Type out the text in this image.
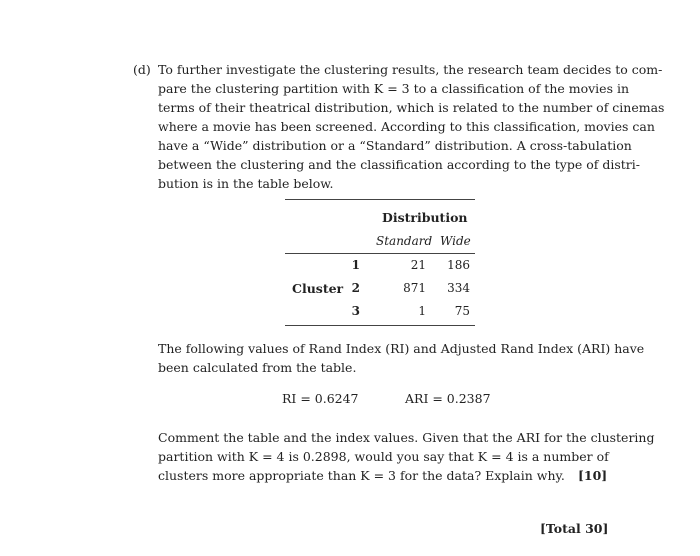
(d) To further investigate the clustering results, the research team decides to com-
pare the clustering partition with K = 3 to a classification of the movies in
terms of their theatrical distribution, which is related to the number of cinemas
where a movie has been screened. According to this classification, movies can
have a “Wide” distribution or a “Standard” distribution. A cross-tabulation
between the clustering and the classification according to the type of distri-
bution is in the table below.
Distribution
Standard Wide
Cluster
1	21	186
2	871	334
3	1	75
The following values of Rand Index (RI) and Adjusted Rand Index (ARI) have
been calculated from the table.
RI = 0.6247	ARI = 0.2387
Comment the table and the index values. Given that the ARI for the clustering
partition with K = 4 is 0.2898, would you say that K = 4 is a number of
clusters more appropriate than K = 3 for the data? Explain why. [10]
[Total 30]
